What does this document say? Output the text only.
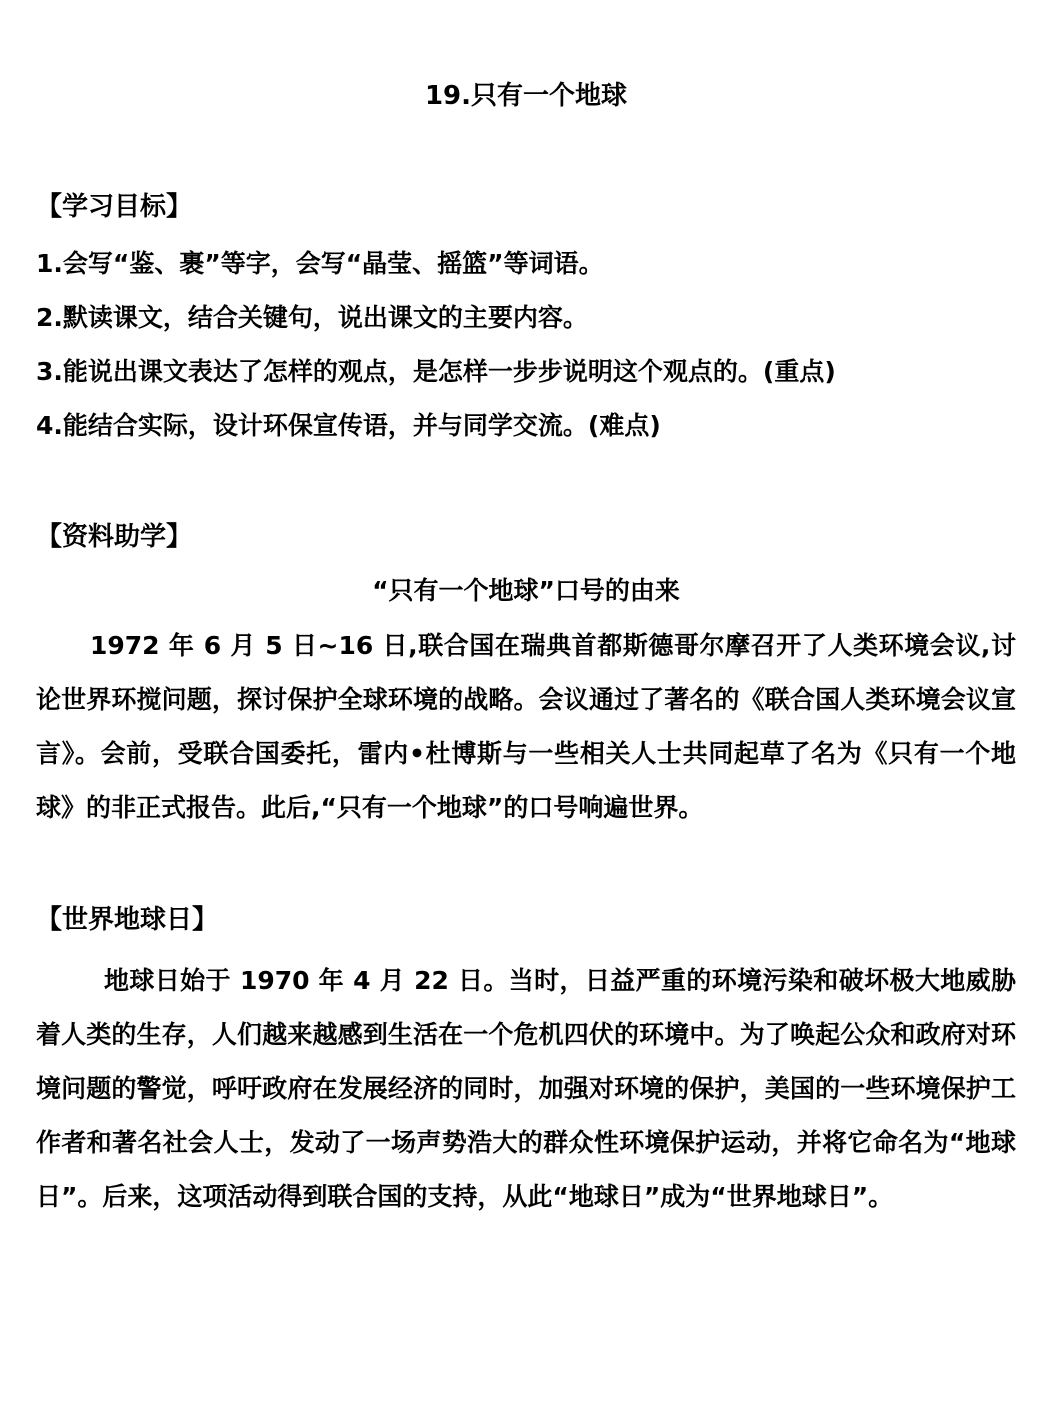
19.只有一个地球
【学习目标】
1.会写“鉴、裹”等字，会写“晶莹、摇篮”等词语。
2.默读课文，结合关键句，说出课文的主要内容。
3.能说出课文表达了怎样的观点，是怎样一步步说明这个观点的。(重点)
4.能结合实际，设计环保宣传语，并与同学交流。(难点)
【资料助学】
“只有一个地球”口号的由来

1972 年 6 月 5 日~16 日,联合国在瑞典首都斯德哥尔摩召开了人类环境会议,讨论世界环搅问题，探讨保护全球环境的战略。会议通过了著名的《联合国人类环境会议宣言》。会前，受联合国委托，雷内•杜博斯与一些相关人士共同起草了名为《只有一个地球》的非正式报告。此后,“只有一个地球”的口号响遍世界。

【世界地球日】

地球日始于 1970 年 4 月 22 日。当时，日益严重的环境污染和破坏极大地威胁着人类的生存，人们越来越感到生活在一个危机四伏的环境中。为了唤起公众和政府对环境问题的警觉，呼吁政府在发展经济的同时，加强对环境的保护，美国的一些环境保护工作者和著名社会人士，发动了一场声势浩大的群众性环境保护运动，并将它命名为“地球日”。后来，这项活动得到联合国的支持，从此“地球日”成为“世界地球日”。
